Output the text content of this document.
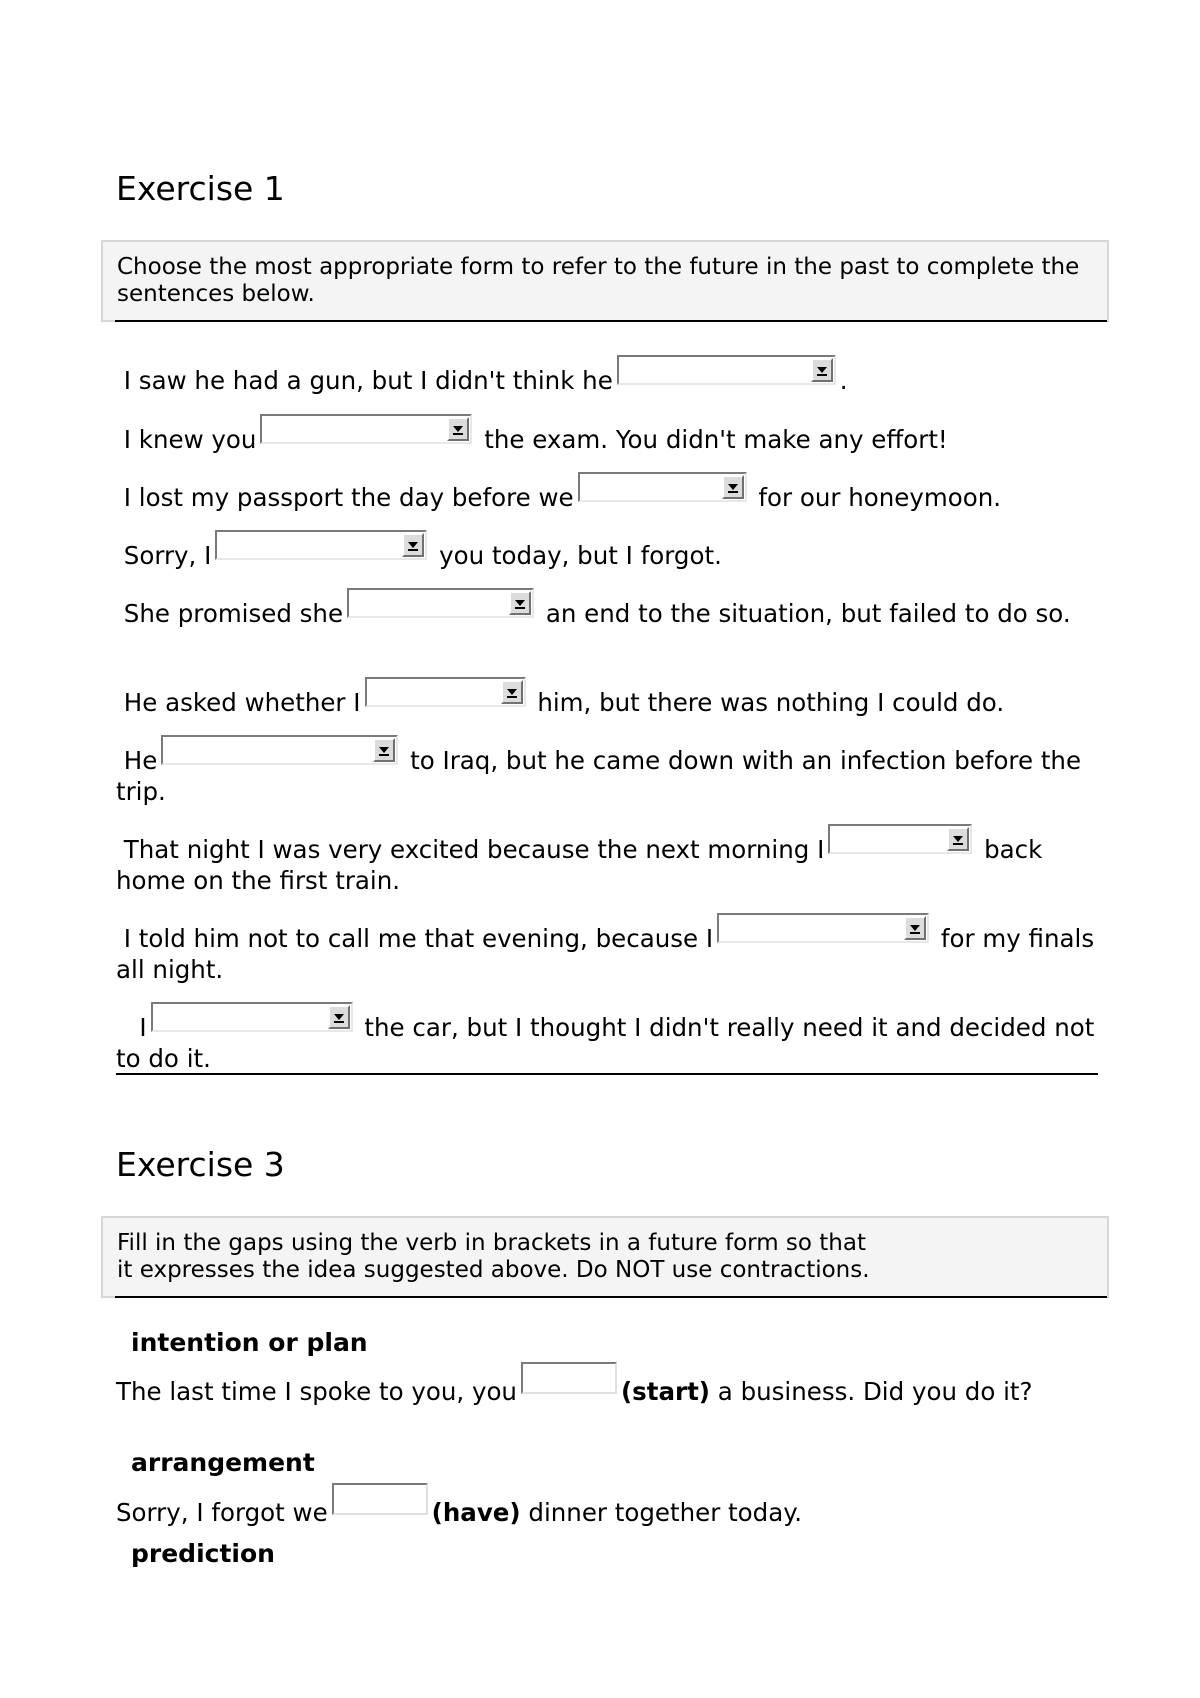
Exercise 1
Choose the most appropriate form to refer to the future in the past to complete the sentences below.
I saw he had a gun, but I didn't think he	.
I knew you	the exam. You didn't make any effort!
I lost my passport the day before we	for our honeymoon.
Sorry, I	you today, but I forgot.
She promised she	an end to the situation, but failed to do so.
He asked whether I	him, but there was nothing I could do.
He	to Iraq, but he came down with an infection before the trip.
That night I was very excited because the next morning I	back home on the first train.
I told him not to call me that evening, because I	for my finals all night.
I	the car, but I thought I didn't really need it and decided not to do it.
Exercise 3
Fill in the gaps using the verb in brackets in a future form so that
it expresses the idea suggested above. Do NOT use contractions.
intention or plan
The last time I spoke to you, you	(start) a business. Did you do it?
arrangement
Sorry, I forgot we	(have) dinner together today.
prediction
